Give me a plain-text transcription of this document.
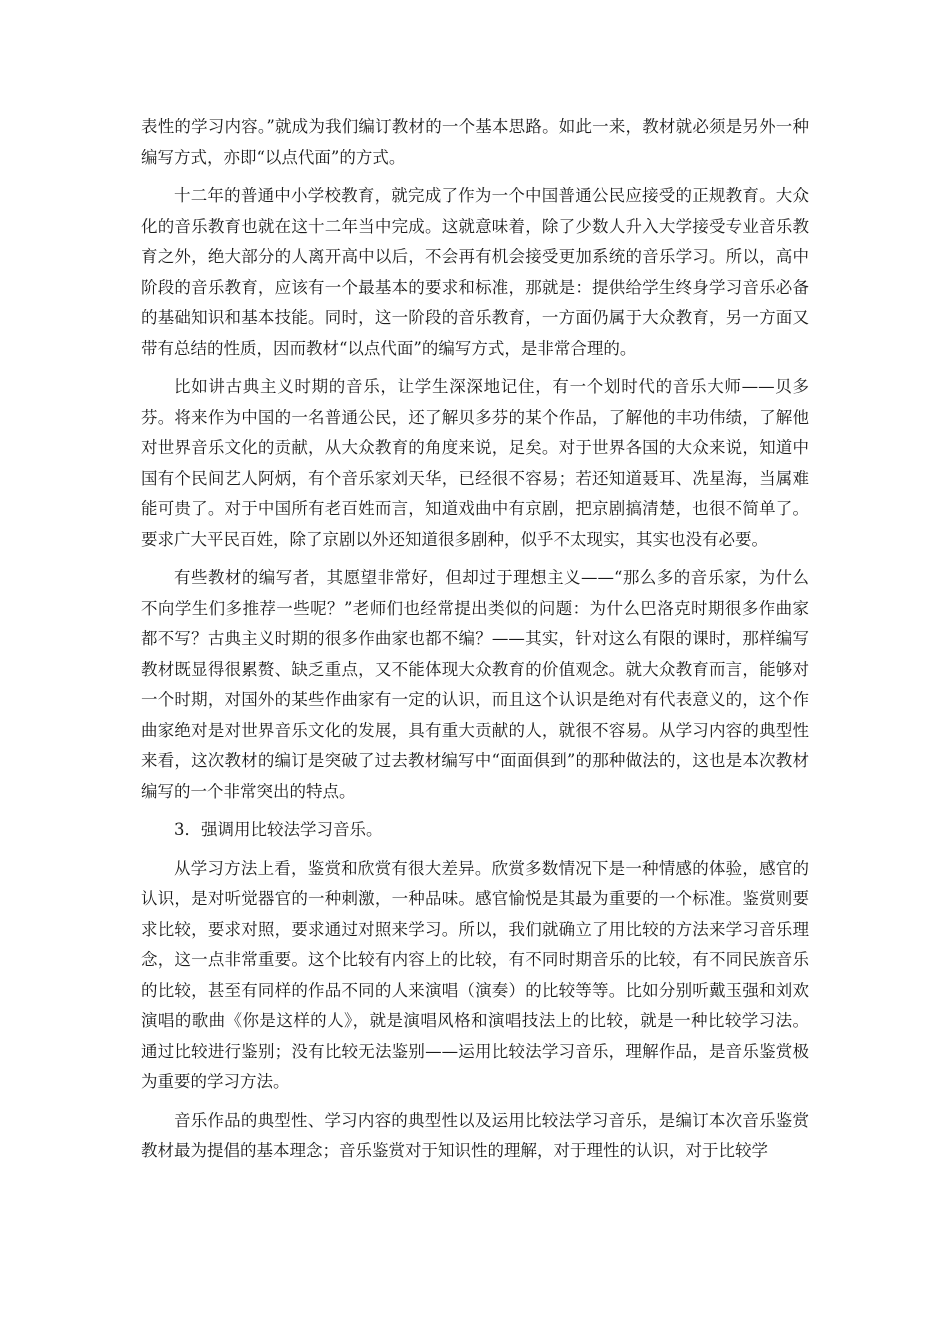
表性的学习内容。”就成为我们编订教材的一个基本思路。如此一来，教材就必须是另外一种编写方式，亦即“以点代面”的方式。

十二年的普通中小学校教育，就完成了作为一个中国普通公民应接受的正规教育。大众化的音乐教育也就在这十二年当中完成。这就意味着，除了少数人升入大学接受专业音乐教育之外，绝大部分的人离开高中以后，不会再有机会接受更加系统的音乐学习。所以，高中阶段的音乐教育，应该有一个最基本的要求和标准，那就是：提供给学生终身学习音乐必备的基础知识和基本技能。同时，这一阶段的音乐教育，一方面仍属于大众教育，另一方面又带有总结的性质，因而教材“以点代面”的编写方式，是非常合理的。

比如讲古典主义时期的音乐，让学生深深地记住，有一个划时代的音乐大师——贝多芬。将来作为中国的一名普通公民，还了解贝多芬的某个作品，了解他的丰功伟绩，了解他对世界音乐文化的贡献，从大众教育的角度来说，足矣。对于世界各国的大众来说，知道中国有个民间艺人阿炳，有个音乐家刘天华，已经很不容易；若还知道聂耳、冼星海，当属难能可贵了。对于中国所有老百姓而言，知道戏曲中有京剧，把京剧搞清楚，也很不简单了。要求广大平民百姓，除了京剧以外还知道很多剧种，似乎不太现实，其实也没有必要。

有些教材的编写者，其愿望非常好，但却过于理想主义——“那么多的音乐家，为什么不向学生们多推荐一些呢？”老师们也经常提出类似的问题：为什么巴洛克时期很多作曲家都不写？古典主义时期的很多作曲家也都不编？——其实，针对这么有限的课时，那样编写教材既显得很累赘、缺乏重点，又不能体现大众教育的价值观念。就大众教育而言，能够对一个时期，对国外的某些作曲家有一定的认识，而且这个认识是绝对有代表意义的，这个作曲家绝对是对世界音乐文化的发展，具有重大贡献的人，就很不容易。从学习内容的典型性来看，这次教材的编订是突破了过去教材编写中“面面俱到”的那种做法的，这也是本次教材编写的一个非常突出的特点。

3．强调用比较法学习音乐。

从学习方法上看，鉴赏和欣赏有很大差异。欣赏多数情况下是一种情感的体验，感官的认识，是对听觉器官的一种刺激，一种品味。感官愉悦是其最为重要的一个标准。鉴赏则要求比较，要求对照，要求通过对照来学习。所以，我们就确立了用比较的方法来学习音乐理念，这一点非常重要。这个比较有内容上的比较，有不同时期音乐的比较，有不同民族音乐的比较，甚至有同样的作品不同的人来演唱（演奏）的比较等等。比如分别听戴玉强和刘欢演唱的歌曲《你是这样的人》，就是演唱风格和演唱技法上的比较，就是一种比较学习法。通过比较进行鉴别；没有比较无法鉴别——运用比较法学习音乐，理解作品，是音乐鉴赏极为重要的学习方法。

音乐作品的典型性、学习内容的典型性以及运用比较法学习音乐，是编订本次音乐鉴赏教材最为提倡的基本理念；音乐鉴赏对于知识性的理解，对于理性的认识，对于比较学
